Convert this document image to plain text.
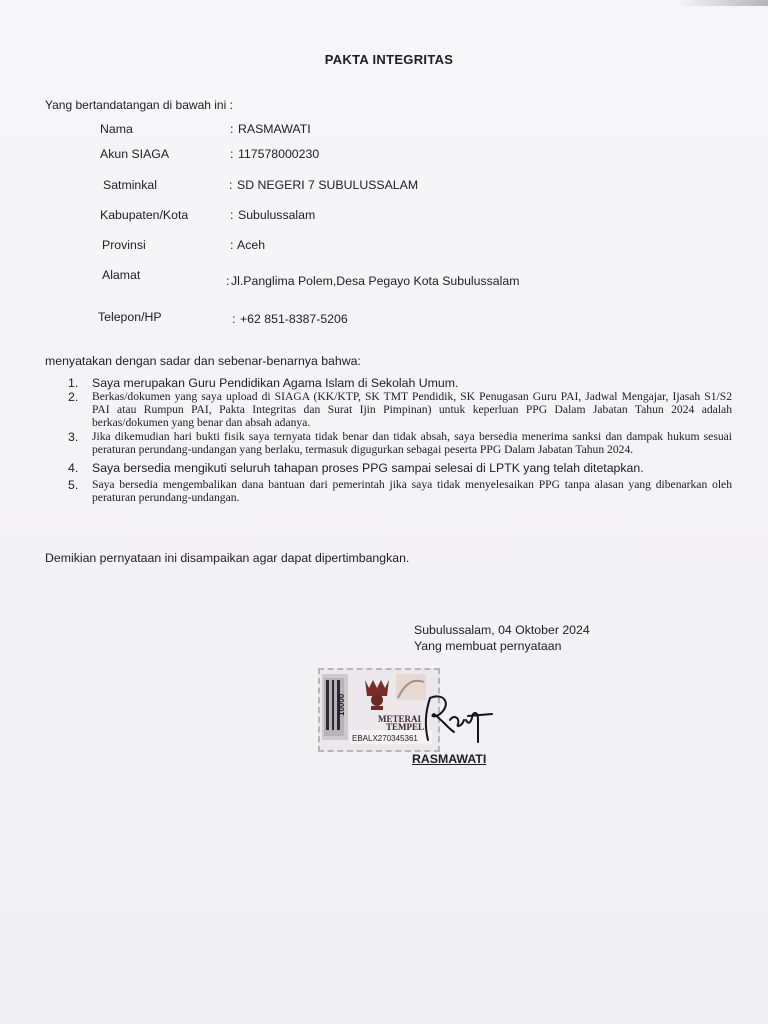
PAKTA INTEGRITAS
Yang bertandatangan di bawah ini :
Nama	: RASMAWATI
Akun SIAGA	: 117578000230
Satminkal	: SD NEGERI 7 SUBULUSSALAM
Kabupaten/Kota	: Subulussalam
Provinsi	: Aceh
Alamat	: Jl.Panglima Polem,Desa Pegayo Kota Subulussalam
Telepon/HP	: +62 851-8387-5206
menyatakan dengan sadar dan sebenar-benarnya bahwa:
1. Saya merupakan Guru Pendidikan Agama Islam di Sekolah Umum.
2. Berkas/dokumen yang saya upload di SIAGA (KK/KTP, SK TMT Pendidik, SK Penugasan Guru PAI, Jadwal Mengajar, Ijasah S1/S2 PAI atau Rumpun PAI, Pakta Integritas dan Surat Ijin Pimpinan) untuk keperluan PPG Dalam Jabatan Tahun 2024 adalah berkas/dokumen yang benar dan absah adanya.
3. Jika dikemudian hari bukti fisik saya ternyata tidak benar dan tidak absah, saya bersedia menerima sanksi dan dampak hukum sesuai peraturan perundang-undangan yang berlaku, termasuk digugurkan sebagai peserta PPG Dalam Jabatan Tahun 2024.
4. Saya bersedia mengikuti seluruh tahapan proses PPG sampai selesai di LPTK yang telah ditetapkan.
5. Saya bersedia mengembalikan dana bantuan dari pemerintah jika saya tidak menyelesaikan PPG tanpa alasan yang dibenarkan oleh peraturan perundang-undangan.
Demikian pernyataan ini disampaikan agar dapat dipertimbangkan.
Subulussalam, 04 Oktober 2024
Yang membuat pernyataan
METERAI
TEMPEL
EBALX270345361
10000
RASMAWATI
